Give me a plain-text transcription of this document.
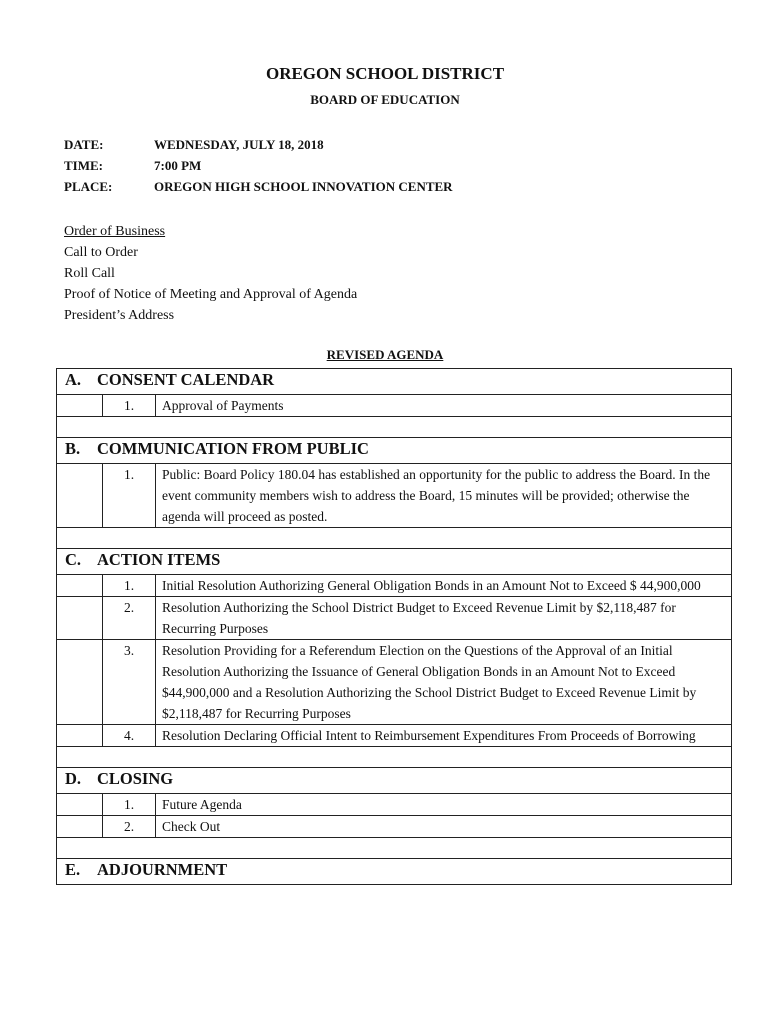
OREGON SCHOOL DISTRICT
BOARD OF EDUCATION
DATE:	WEDNESDAY, JULY 18, 2018
TIME:	7:00 PM
PLACE:	OREGON HIGH SCHOOL INNOVATION CENTER
Order of Business
Call to Order
Roll Call
Proof of Notice of Meeting and Approval of Agenda
President’s Address
REVISED AGENDA
A. CONSENT CALENDAR		
	1.	Approval of Payments

B. COMMUNICATION FROM PUBLIC		
	1.	Public: Board Policy 180.04 has established an opportunity for the public to address the Board. In the event community members wish to address the Board, 15 minutes will be provided; otherwise the agenda will proceed as posted.

C. ACTION ITEMS		
	1.	Initial Resolution Authorizing General Obligation Bonds in an Amount Not to Exceed $ 44,900,000
	2.	Resolution Authorizing the School District Budget to Exceed Revenue Limit by $2,118,487 for Recurring Purposes
	3.	Resolution Providing for a Referendum Election on the Questions of the Approval of an Initial Resolution Authorizing the Issuance of General Obligation Bonds in an Amount Not to Exceed $44,900,000 and a Resolution Authorizing the School District Budget to Exceed Revenue Limit by $2,118,487 for Recurring Purposes
	4.	Resolution Declaring Official Intent to Reimbursement Expenditures From Proceeds of Borrowing

D. CLOSING		
	1.	Future Agenda
	2.	Check Out

E. ADJOURNMENT		
